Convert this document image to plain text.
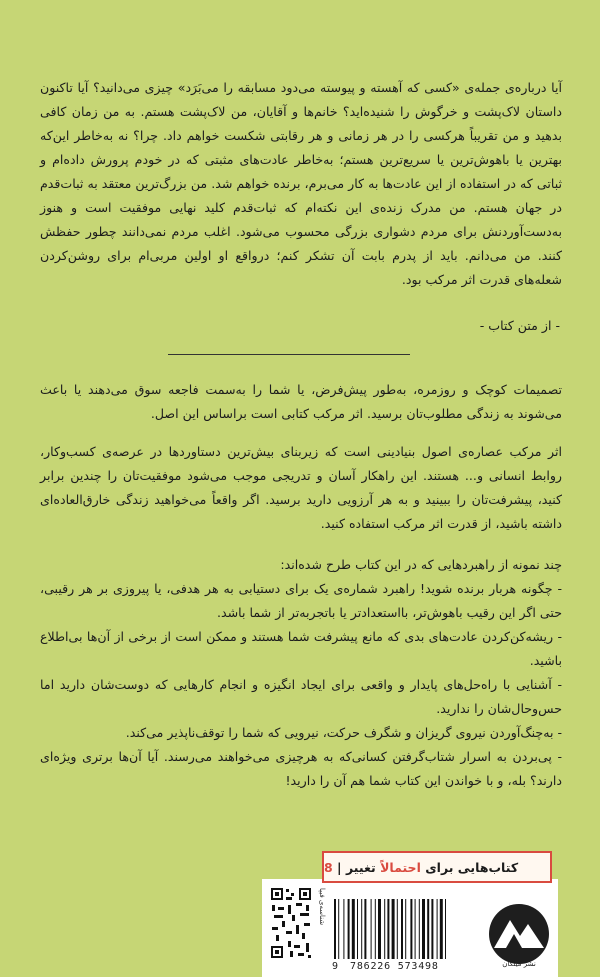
آیا درباره‌ی جمله‌ی «کسی که آهسته و پیوسته می‌دود مسابقه را می‌بَرَد» چیزی می‌دانید؟ آیا تاکنون داستان لاک‌پشت و خرگوش را شنیده‌اید؟ خانم‌ها و آقایان، من لاک‌پشت هستم. به من زمان کافی بدهید و من تقریباً هرکسی را در هر زمانی و هر رقابتی شکست خواهم داد. چرا؟ نه به‌خاطر این‌که بهترین یا باهوش‌ترین یا سریع‌ترین هستم؛ به‌خاطر عادت‌های مثبتی که در خودم پرورش داده‌ام و ثباتی که در استفاده از این عادت‌ها به کار می‌برم، برنده خواهم شد. من بزرگ‌ترین معتقد به ثبات‌قدم در جهان هستم. من مدرک زنده‌ی این نکته‌ام که ثبات‌قدم کلید نهایی موفقیت است و هنوز به‌دست‌آوردنش برای مردم دشواری بزرگی محسوب می‌شود. اغلب مردم نمی‌دانند چطور حفظش کنند. من می‌دانم. باید از پدرم بابت آن تشکر کنم؛ درواقع او اولین مربی‌ام برای روشن‌کردن شعله‌های قدرت اثر مرکب بود.

- از متن کتاب -

تصمیمات کوچک و روزمره، به‌طور پیش‌فرض، یا شما را به‌سمت فاجعه سوق می‌دهند یا باعث می‌شوند به زندگی مطلوب‌تان برسید. اثر مرکب کتابی است براساس این اصل.

اثر مرکب عصاره‌ی اصول بنیادینی است که زیربنای بیش‌ترین دستاوردها در عرصه‌ی کسب‌وکار، روابط انسانی و... هستند. این راهکار آسان و تدریجی موجب می‌شود موفقیت‌تان را چندین برابر کنید، پیشرفت‌تان را ببینید و به هر آرزویی دارید برسید. اگر واقعاً می‌خواهید زندگی خارق‌العاده‌ای داشته باشید، از قدرت اثر مرکب استفاده کنید.

چند نمونه از راهبردهایی که در این کتاب طرح شده‌اند:

- چگونه هربار برنده شوید! راهبرد شماره‌ی یک برای دستیابی به هر هدفی، یا پیروزی بر هر رقیبی، حتی اگر این رقیب باهوش‌تر، بااستعدادتر یا باتجربه‌تر از شما باشد.

- ریشه‌کن‌کردن عادت‌های بدی که مانع پیشرفت شما هستند و ممکن است از برخی از آن‌ها بی‌اطلاع باشید.

- آشنایی با راه‌حل‌های پایدار و واقعی برای ایجاد انگیزه و انجام کارهایی که دوست‌شان دارید اما حس‌وحال‌شان را ندارید.

- به‌چنگ‌آوردن نیروی گریزان و شگرف حرکت، نیرویی که شما را توقف‌ناپذیر می‌کند.

- پی‌بردن به اسرار شتاب‌گرفتن کسانی‌که به هرچیزی می‌خواهند می‌رسند. آیا آن‌ها برتری ویژه‌ای دارند؟ بله، و با خواندن این کتاب شما هم آن را دارید!

9 786226 573498
شناسه‌ی فیپا
کتاب‌هایی برای

احتمالاً

تغییر
|
8
نشر میلکان
